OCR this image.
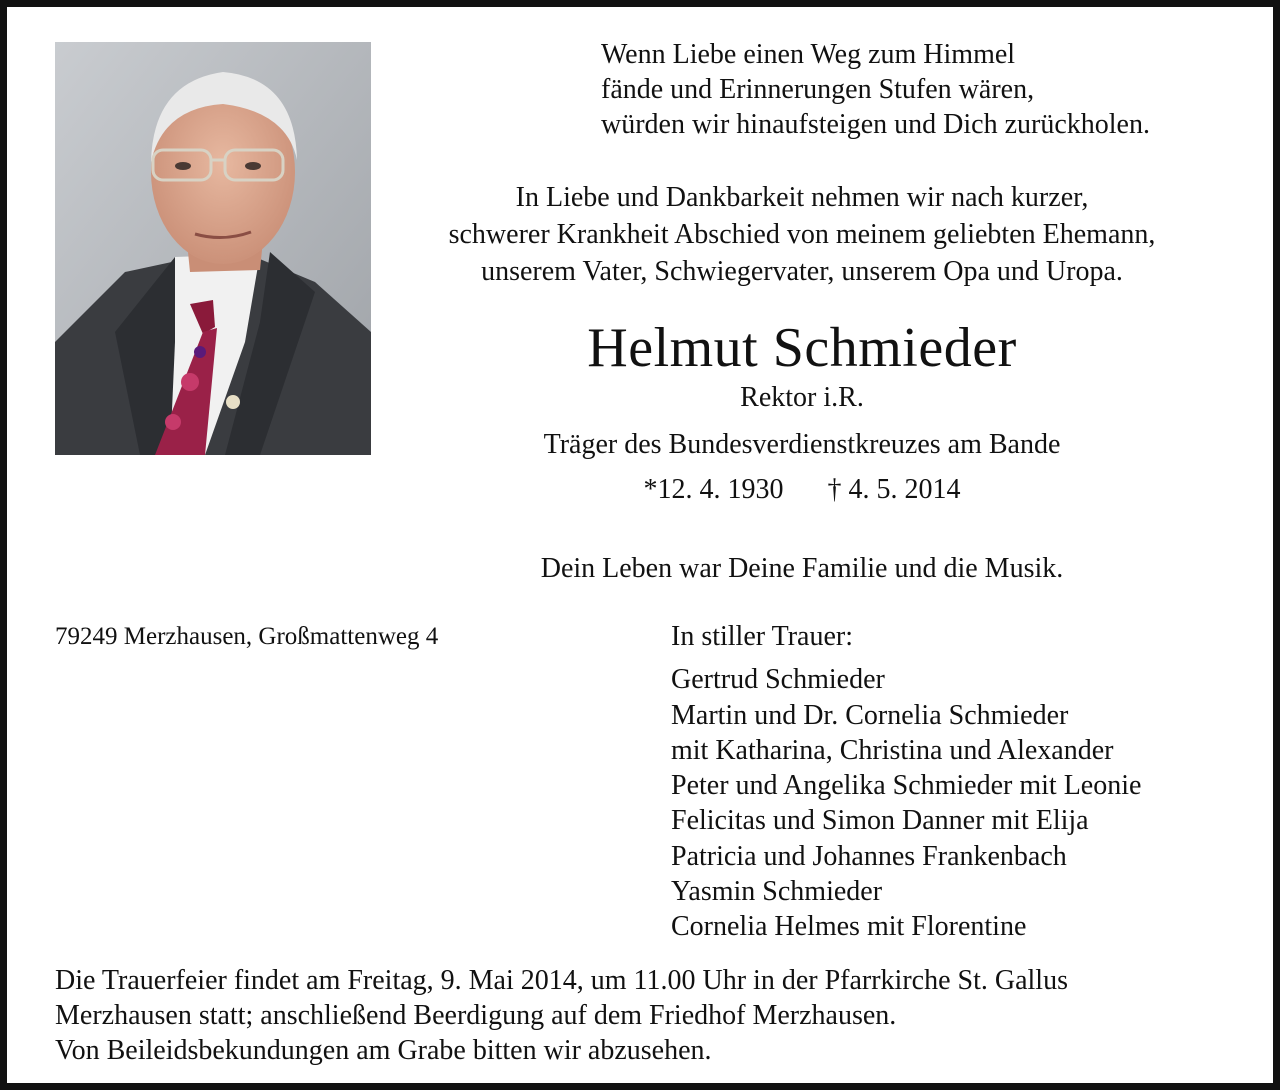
Wenn Liebe einen Weg zum Himmel
fände und Erinnerungen Stufen wären,
würden wir hinaufsteigen und Dich zurückholen.
In Liebe und Dankbarkeit nehmen wir nach kurzer,
schwerer Krankheit Abschied von meinem geliebten Ehemann,
unserem Vater, Schwiegervater, unserem Opa und Uropa.
Helmut Schmieder
Rektor i.R.
Träger des Bundesverdienstkreuzes am Bande
*12. 4. 1930 † 4. 5. 2014
Dein Leben war Deine Familie und die Musik.
79249 Merzhausen, Großmattenweg 4	In stiller Trauer:
Gertrud Schmieder
Martin und Dr. Cornelia Schmieder
mit Katharina, Christina und Alexander
Peter und Angelika Schmieder mit Leonie
Felicitas und Simon Danner mit Elija
Patricia und Johannes Frankenbach
Yasmin Schmieder
Cornelia Helmes mit Florentine
Die Trauerfeier findet am Freitag, 9. Mai 2014, um 11.00 Uhr in der Pfarrkirche St. Gallus
Merzhausen statt; anschließend Beerdigung auf dem Friedhof Merzhausen.
Von Beileidsbekundungen am Grabe bitten wir abzusehen.
